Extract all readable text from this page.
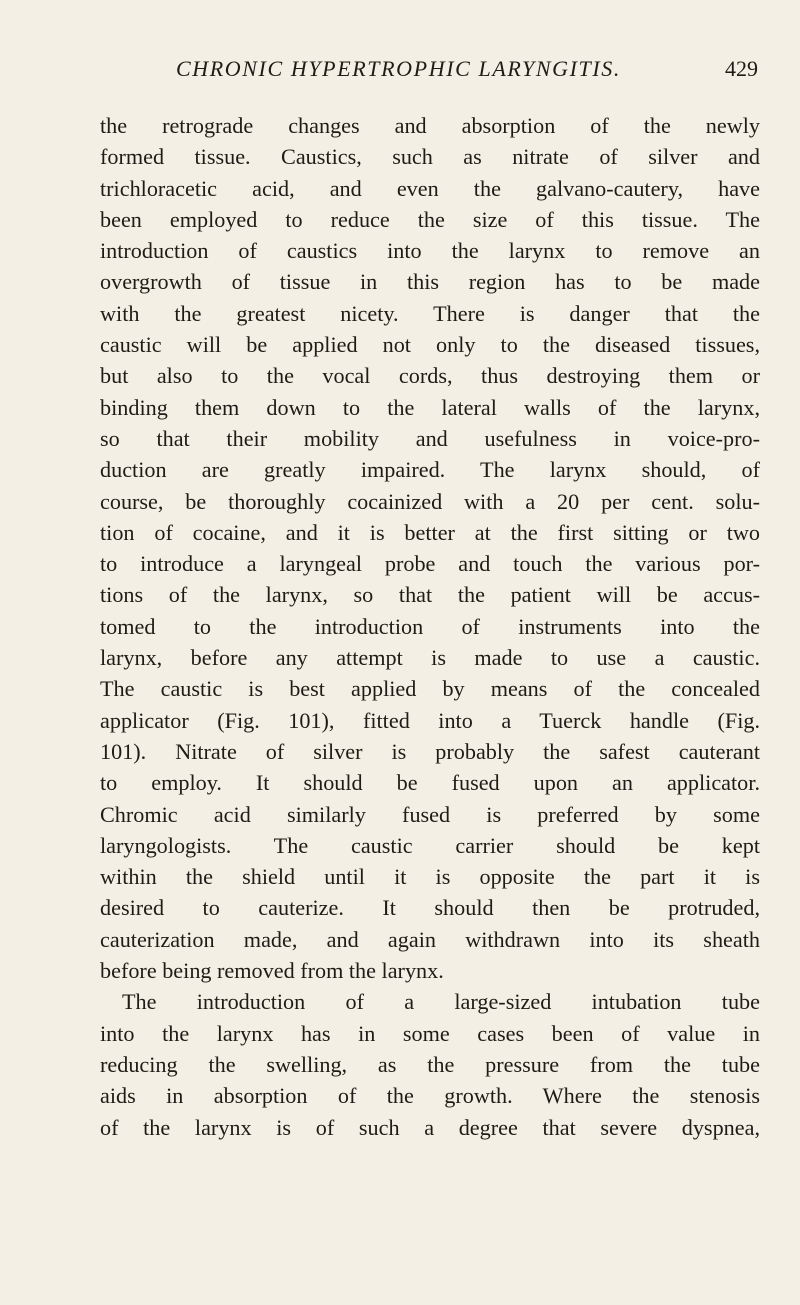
CHRONIC HYPERTROPHIC LARYNGITIS.	429
the retrograde changes and absorption of the newly
formed tissue. Caustics, such as nitrate of silver and
trichloracetic acid, and even the galvano-cautery, have
been employed to reduce the size of this tissue. The
introduction of caustics into the larynx to remove an
overgrowth of tissue in this region has to be made
with the greatest nicety. There is danger that the
caustic will be applied not only to the diseased tissues,
but also to the vocal cords, thus destroying them or
binding them down to the lateral walls of the larynx,
so that their mobility and usefulness in voice-pro-
duction are greatly impaired. The larynx should, of
course, be thoroughly cocainized with a 20 per cent. solu-
tion of cocaine, and it is better at the first sitting or two
to introduce a laryngeal probe and touch the various por-
tions of the larynx, so that the patient will be accus-
tomed to the introduction of instruments into the
larynx, before any attempt is made to use a caustic.
The caustic is best applied by means of the concealed
applicator (Fig. 101), fitted into a Tuerck handle (Fig.
101). Nitrate of silver is probably the safest cauterant
to employ. It should be fused upon an applicator.
Chromic acid similarly fused is preferred by some
laryngologists. The caustic carrier should be kept
within the shield until it is opposite the part it is
desired to cauterize. It should then be protruded,
cauterization made, and again withdrawn into its sheath
before being removed from the larynx.
The introduction of a large-sized intubation tube
into the larynx has in some cases been of value in
reducing the swelling, as the pressure from the tube
aids in absorption of the growth. Where the stenosis
of the larynx is of such a degree that severe dyspnea,
